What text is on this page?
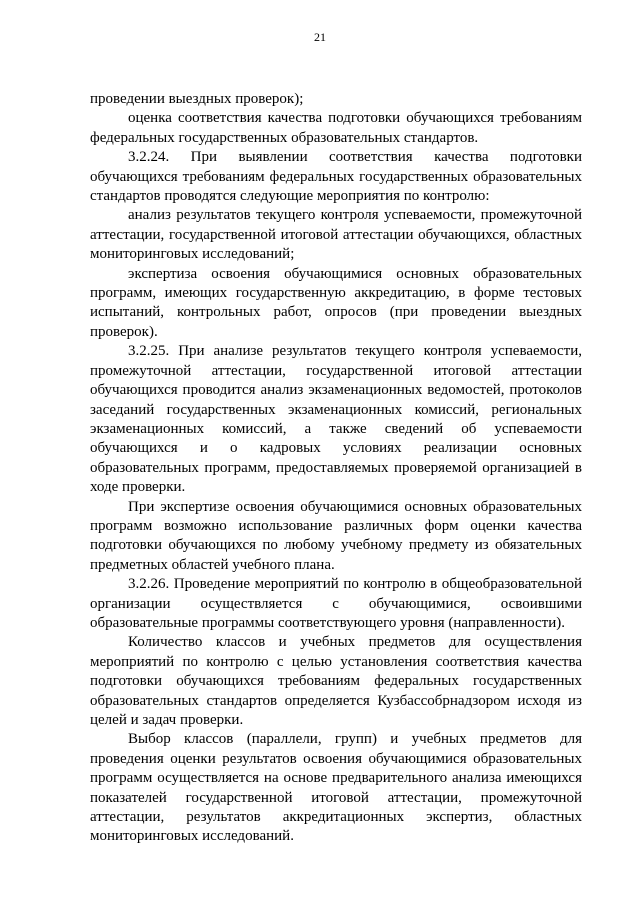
21

проведении выездных проверок);

оценка соответствия качества подготовки обучающихся требованиям федеральных государственных образовательных стандартов.

3.2.24. При выявлении соответствия качества подготовки обучающихся требованиям федеральных государственных образовательных стандартов проводятся следующие мероприятия по контролю:

анализ результатов текущего контроля успеваемости, промежуточной аттестации, государственной итоговой аттестации обучающихся, областных мониторинговых исследований;

экспертиза освоения обучающимися основных образовательных программ, имеющих государственную аккредитацию, в форме тестовых испытаний, контрольных работ, опросов (при проведении выездных проверок).

3.2.25. При анализе результатов текущего контроля успеваемости, промежуточной аттестации, государственной итоговой аттестации обучающихся проводится анализ экзаменационных ведомостей, протоколов заседаний государственных экзаменационных комиссий, региональных экзаменационных комиссий, а также сведений об успеваемости обучающихся и о кадровых условиях реализации основных образовательных программ, предоставляемых проверяемой организацией в ходе проверки.

При экспертизе освоения обучающимися основных образовательных программ возможно использование различных форм оценки качества подготовки обучающихся по любому учебному предмету из обязательных предметных областей учебного плана.

3.2.26. Проведение мероприятий по контролю в общеобразовательной организации осуществляется с обучающимися, освоившими образовательные программы соответствующего уровня (направленности).

Количество классов и учебных предметов для осуществления мероприятий по контролю с целью установления соответствия качества подготовки обучающихся требованиям федеральных государственных образовательных стандартов определяется Кузбассобрнадзором исходя из целей и задач проверки.

Выбор классов (параллели, групп) и учебных предметов для проведения оценки результатов освоения обучающимися образовательных программ осуществляется на основе предварительного анализа имеющихся показателей государственной итоговой аттестации, промежуточной аттестации, результатов аккредитационных экспертиз, областных мониторинговых исследований.
